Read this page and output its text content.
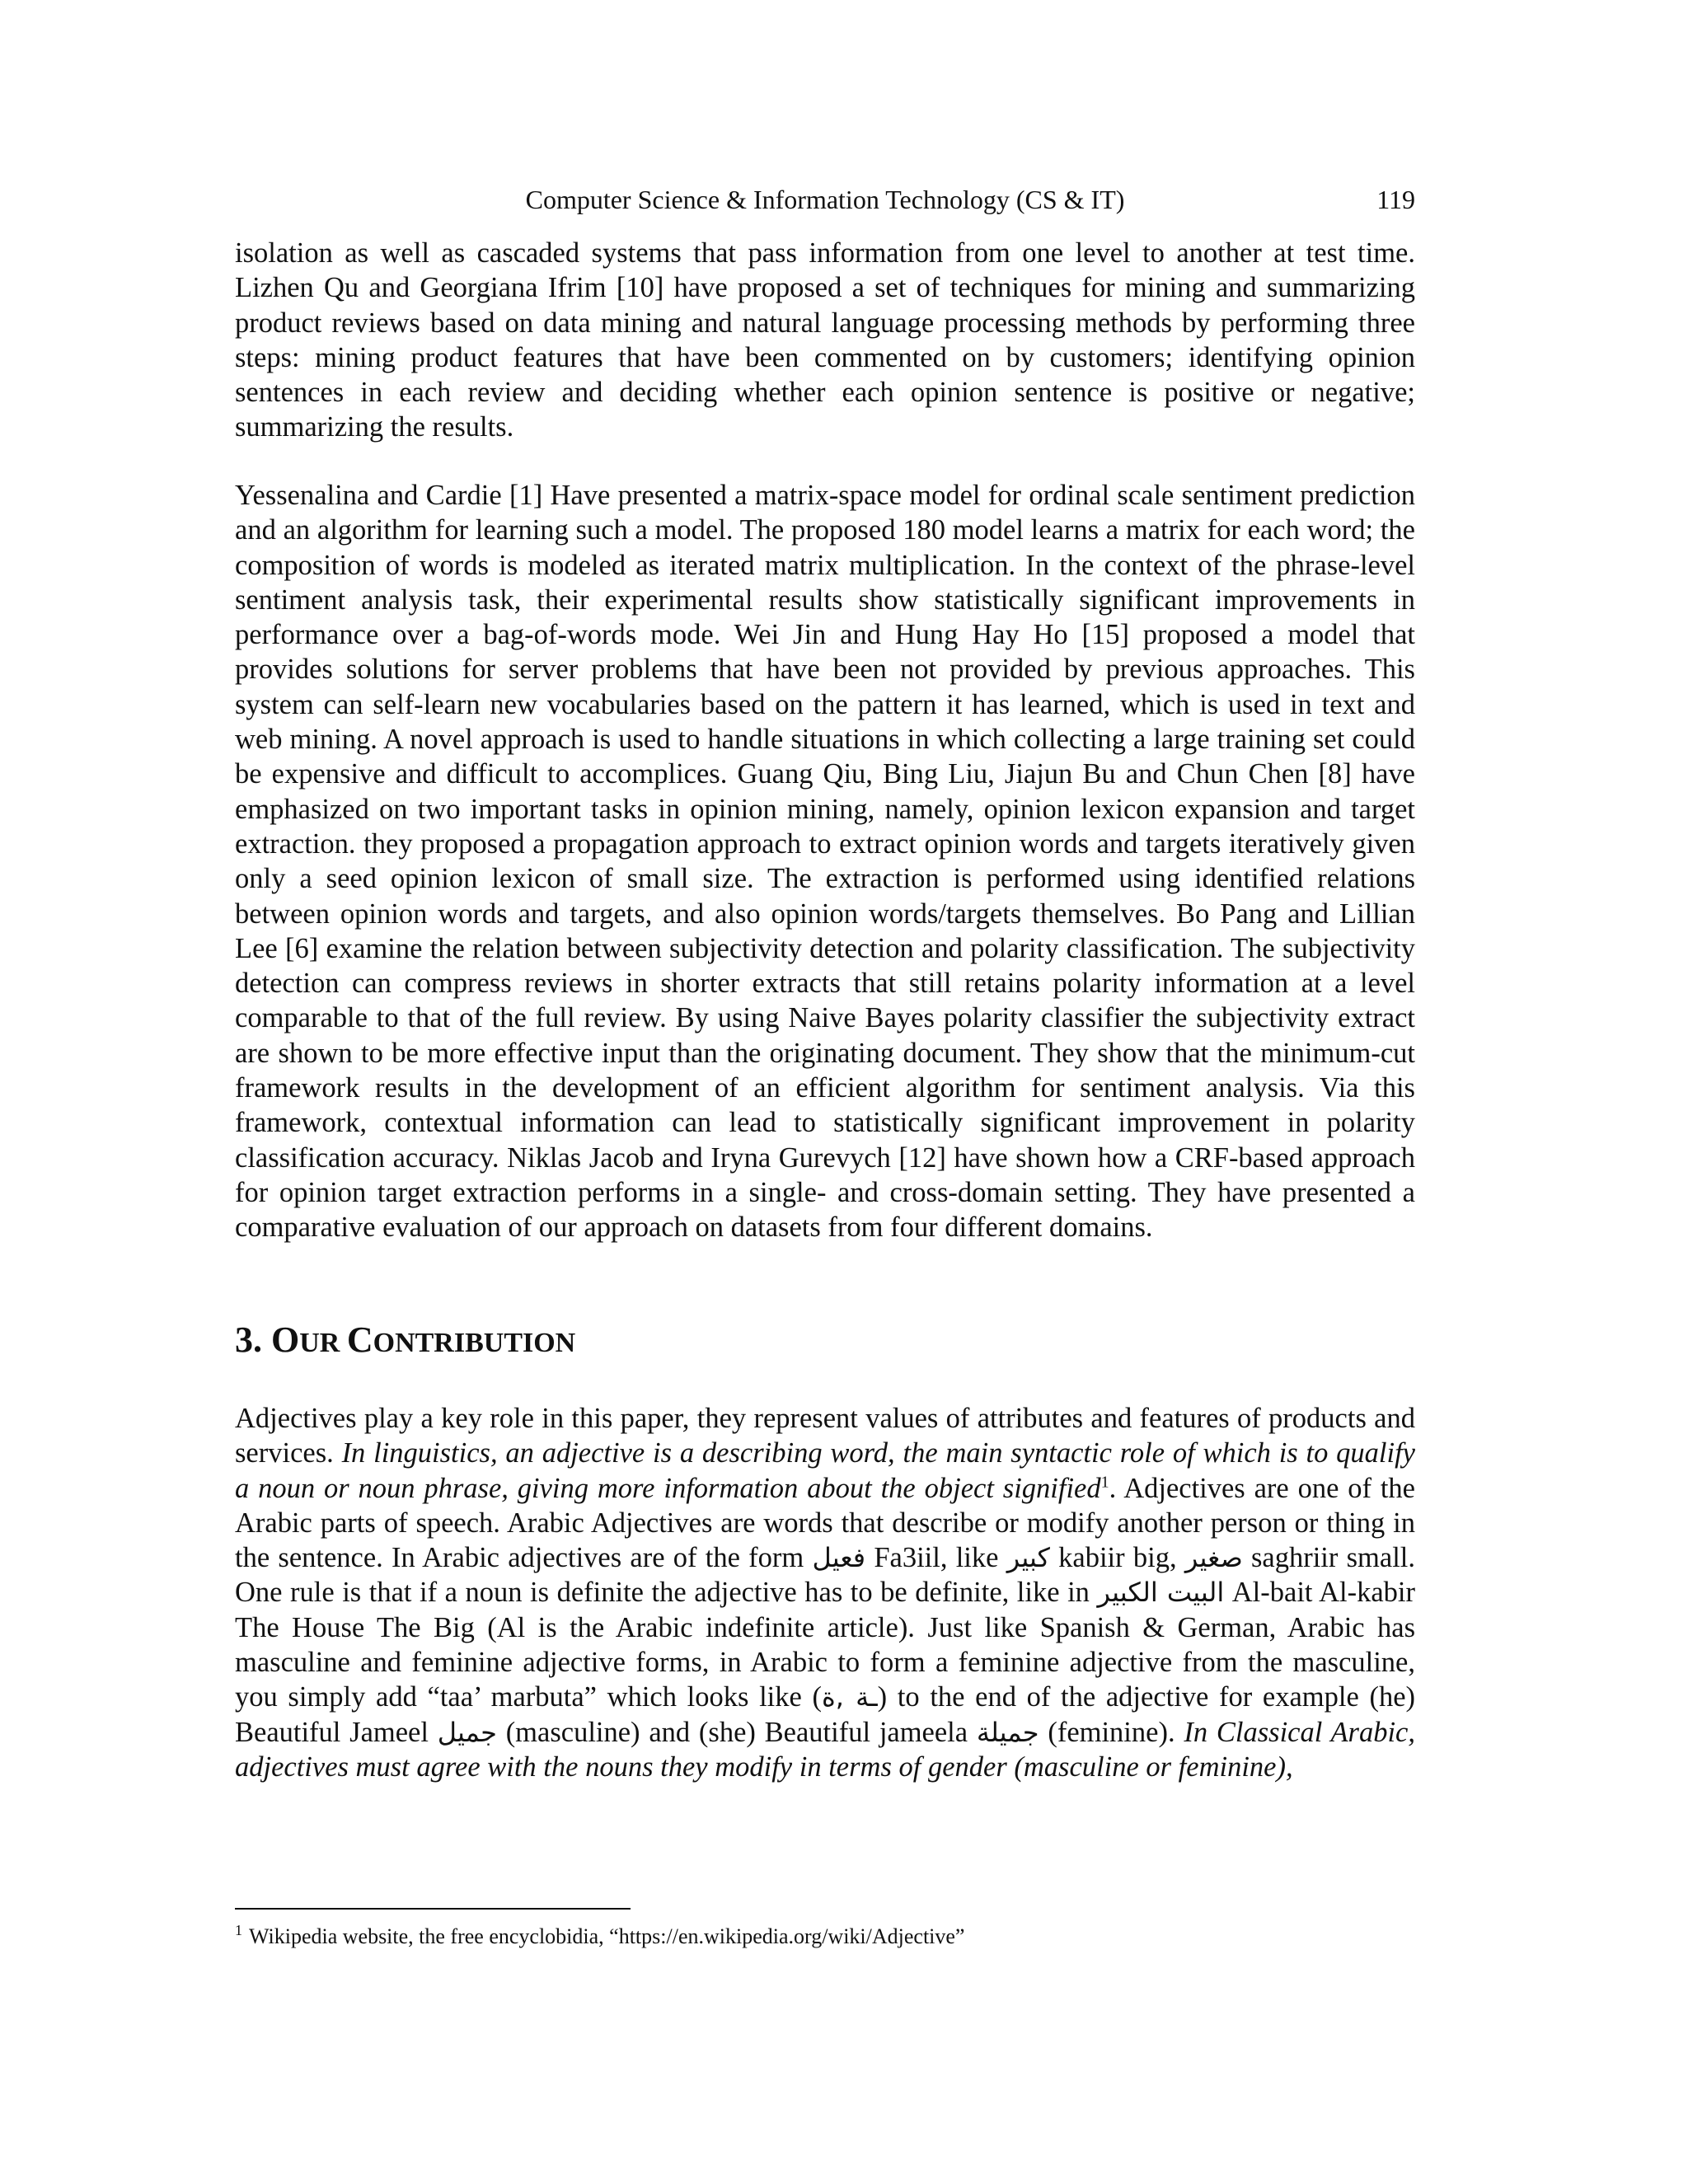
Computer Science & Information Technology (CS & IT)	119

isolation as well as cascaded systems that pass information from one level to another at test time. Lizhen Qu and Georgiana Ifrim [10] have proposed a set of techniques for mining and summarizing product reviews based on data mining and natural language processing methods by performing three steps: mining product features that have been commented on by customers; identifying opinion sentences in each review and deciding whether each opinion sentence is positive or negative; summarizing the results.

Yessenalina and Cardie [1] Have presented a matrix-space model for ordinal scale sentiment prediction and an algorithm for learning such a model. The proposed 180 model learns a matrix for each word; the composition of words is modeled as iterated matrix multiplication. In the context of the phrase-level sentiment analysis task, their experimental results show statistically significant improvements in performance over a bag-of-words mode. Wei Jin and Hung Hay Ho [15] proposed a model that provides solutions for server problems that have been not provided by previous approaches. This system can self-learn new vocabularies based on the pattern it has learned, which is used in text and web mining. A novel approach is used to handle situations in which collecting a large training set could be expensive and difficult to accomplices. Guang Qiu, Bing Liu, Jiajun Bu and Chun Chen [8] have emphasized on two important tasks in opinion mining, namely, opinion lexicon expansion and target extraction. they proposed a propagation approach to extract opinion words and targets iteratively given only a seed opinion lexicon of small size. The extraction is performed using identified relations between opinion words and targets, and also opinion words/targets themselves. Bo Pang and Lillian Lee [6] examine the relation between subjectivity detection and polarity classification. The subjectivity detection can compress reviews in shorter extracts that still retains polarity information at a level comparable to that of the full review. By using Naive Bayes polarity classifier the subjectivity extract are shown to be more effective input than the originating document. They show that the minimum-cut framework results in the development of an efficient algorithm for sentiment analysis. Via this framework, contextual information can lead to statistically significant improvement in polarity classification accuracy. Niklas Jacob and Iryna Gurevych [12] have shown how a CRF-based approach for opinion target extraction performs in a single- and cross-domain setting. They have presented a comparative evaluation of our approach on datasets from four different domains.

3. OUR CONTRIBUTION

Adjectives play a key role in this paper, they represent values of attributes and features of products and services. In linguistics, an adjective is a describing word, the main syntactic role of which is to qualify a noun or noun phrase, giving more information about the object signified$^1$. Adjectives are one of the Arabic parts of speech. Arabic Adjectives are words that describe or modify another person or thing in the sentence. In Arabic adjectives are of the form فعيل Fa3iil, like كبير kabiir big, صغير saghriir small. One rule is that if a noun is definite the adjective has to be definite, like in البيت الكبير Al-bait Al-kabir The House The Big (Al is the Arabic indefinite article). Just like Spanish & German, Arabic has masculine and feminine adjective forms, in Arabic to form a feminine adjective from the masculine, you simply add “taa’ marbuta” which looks like (ـة ,ة) to the end of the adjective for example (he) Beautiful Jameel جميل (masculine) and (she) Beautiful jameela جميلة (feminine). In Classical Arabic, adjectives must agree with the nouns they modify in terms of gender (masculine or feminine),

$^1$ Wikipedia website, the free encyclobidia, “https://en.wikipedia.org/wiki/Adjective”
